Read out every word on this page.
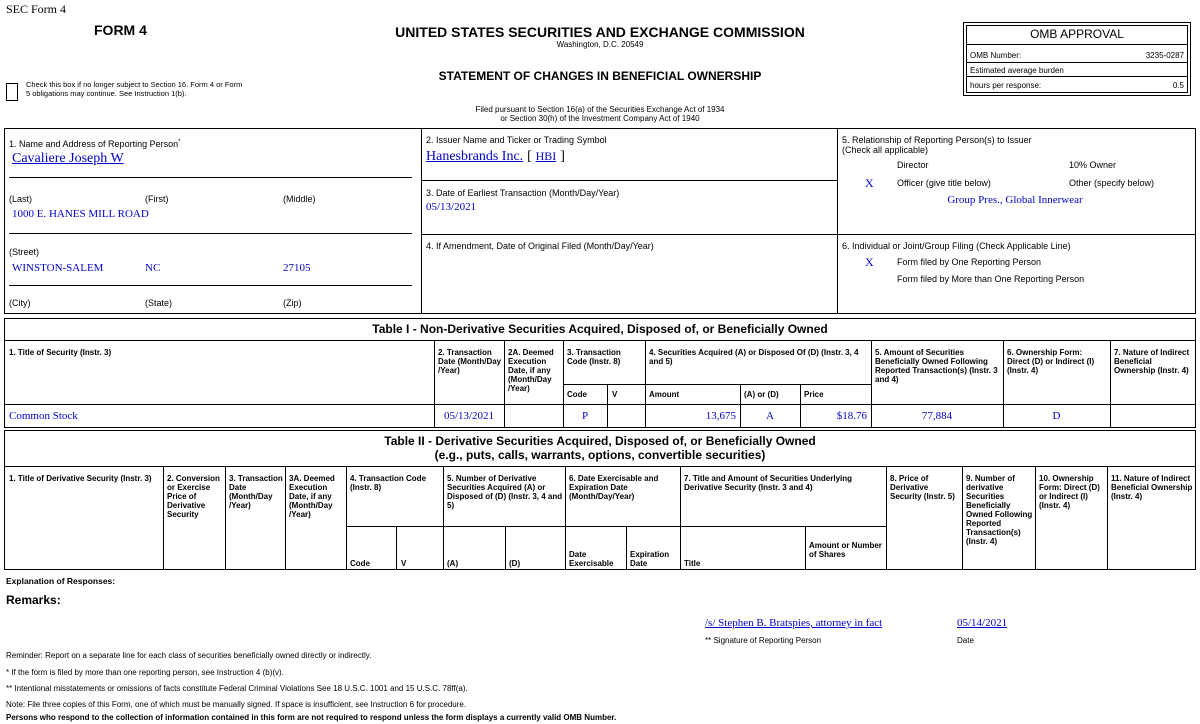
SEC Form 4
FORM 4
Check this box if no longer subject to Section 16. Form 4 or Form 5 obligations may continue. See Instruction 1(b).
UNITED STATES SECURITIES AND EXCHANGE COMMISSION
Washington, D.C. 20549
STATEMENT OF CHANGES IN BENEFICIAL OWNERSHIP
Filed pursuant to Section 16(a) of the Securities Exchange Act of 1934
or Section 30(h) of the Investment Company Act of 1940
OMB APPROVAL
OMB Number:	3235-0287
Estimated average burden
hours per response:	0.5
1. Name and Address of Reporting Person*
Cavaliere Joseph W
(Last)	(First)	(Middle)
1000 E. HANES MILL ROAD
(Street)
WINSTON-SALEM	NC	27105
(City)	(State)	(Zip)
2. Issuer Name and Ticker or Trading Symbol
Hanesbrands Inc. [ HBI ]
3. Date of Earliest Transaction (Month/Day/Year)
05/13/2021
4. If Amendment, Date of Original Filed (Month/Day/Year)
5. Relationship of Reporting Person(s) to Issuer
(Check all applicable)
Director	10% Owner
X	Officer (give title below)	Other (specify below)
Group Pres., Global Innerwear
6. Individual or Joint/Group Filing (Check Applicable Line)
X	Form filed by One Reporting Person
Form filed by More than One Reporting Person
Table I - Non-Derivative Securities Acquired, Disposed of, or Beneficially Owned
1. Title of Security (Instr. 3)	2. Transaction Date (Month/Day /Year)
2A. Deemed Execution Date, if any (Month/Day /Year)
3. Transaction Code (Instr. 8)
4. Securities Acquired (A) or Disposed Of (D) (Instr. 3, 4 and 5)
5. Amount of Securities Beneficially Owned Following Reported Transaction(s) (Instr. 3 and 4)
6. Ownership Form: Direct (D) or Indirect (I) (Instr. 4)
7. Nature of Indirect Beneficial Ownership (Instr. 4)
Code	V	Amount	(A) or (D)	Price
Common Stock	05/13/2021	P	13,675	A	$18.76	77,884	D
Table II - Derivative Securities Acquired, Disposed of, or Beneficially Owned
(e.g., puts, calls, warrants, options, convertible securities)
1. Title of Derivative Security (Instr. 3)	2. Conversion or Exercise Price of Derivative Security
3. Transaction Date (Month/Day /Year)
3A. Deemed Execution Date, if any (Month/Day /Year)
4. Transaction Code (Instr. 8)
5. Number of Derivative Securities Acquired (A) or Disposed of (D) (Instr. 3, 4 and 5)
6. Date Exercisable and Expiration Date (Month/Day/Year)
7. Title and Amount of Securities Underlying Derivative Security (Instr. 3 and 4)
8. Price of Derivative Security (Instr. 5)
9. Number of derivative Securities Beneficially Owned Following Reported Transaction(s) (Instr. 4)
10. Ownership Form: Direct (D) or Indirect (I) (Instr. 4)
11. Nature of Indirect Beneficial Ownership (Instr. 4)
Code	V	(A)	(D)
Date Exercisable
Expiration Date	Title
Amount or Number of Shares
Explanation of Responses:
Remarks:
/s/ Stephen B. Bratspies, attorney in fact	05/14/2021
** Signature of Reporting Person	Date
Reminder: Report on a separate line for each class of securities beneficially owned directly or indirectly.
* If the form is filed by more than one reporting person, see Instruction 4 (b)(v).
** Intentional misstatements or omissions of facts constitute Federal Criminal Violations See 18 U.S.C. 1001 and 15 U.S.C. 78ff(a).
Note: File three copies of this Form, one of which must be manually signed. If space is insufficient, see Instruction 6 for procedure.
Persons who respond to the collection of information contained in this form are not required to respond unless the form displays a currently valid OMB Number.
